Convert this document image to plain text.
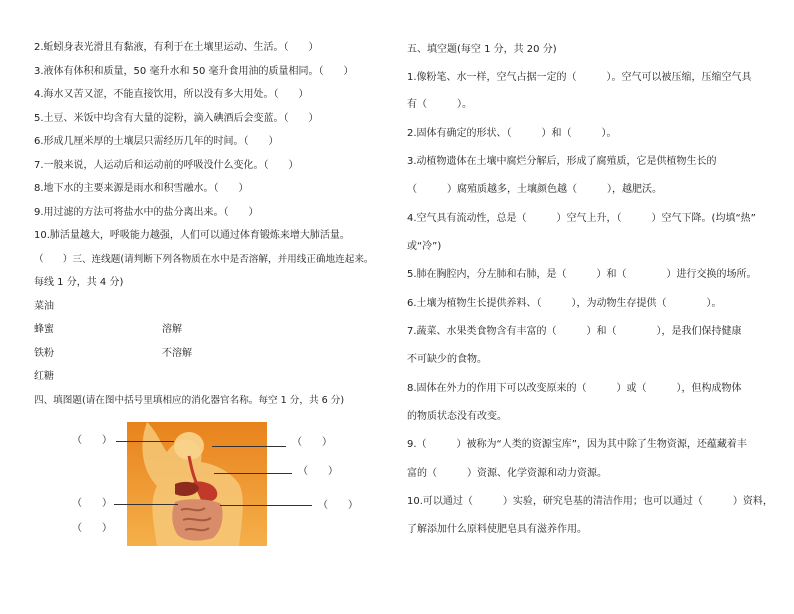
2.蚯蚓身表光滑且有黏液，有利于在土壤里运动、生活。（　　）
3.液体有体积和质量，50 毫升水和 50 毫升食用油的质量相同。（　　）
4.海水又苦又涩，不能直接饮用，所以没有多大用处。（　　）
5.土豆、米饭中均含有大量的淀粉，滴入碘酒后会变蓝。（　　）
6.形成几厘米厚的土壤层只需经历几年的时间。（　　）
7.一般来说，人运动后和运动前的呼吸没什么变化。（　　）
8.地下水的主要来源是雨水和积雪融水。（　　）
9.用过滤的方法可将盐水中的盐分离出来。（　　）
10.肺活量越大，呼吸能力越强，人们可以通过体育锻炼来增大肺活量。
（　　）三、连线题(请判断下列各物质在水中是否溶解，并用线正确地连起来。
每线 1 分，共 4 分)
菜油
蜂蜜	溶解
铁粉	不溶解
红糖
四、填图题(请在图中括号里填相应的消化器官名称。每空 1 分，共 6 分)
（　　）
（　　）
（　　）
（　　）
（　　）
（　　）
五、填空题(每空 1 分，共 20 分)
1.像粉笔、水一样，空气占据一定的（　　　）。空气可以被压缩，压缩空气具
有（　　　）。
2.固体有确定的形状、（　　　）和（　　　）。
3.动植物遗体在土壤中腐烂分解后，形成了腐殖质，它是供植物生长的
（　　　）腐殖质越多，土壤颜色越（　　　），越肥沃。
4.空气具有流动性，总是（　　　）空气上升，（　　　）空气下降。(均填“热”
或“冷”)
5.肺在胸腔内，分左肺和右肺，是（　　　）和（　　　　）进行交换的场所。
6.土壤为植物生长提供养料、（　　　），为动物生存提供（　　　　）。
7.蔬菜、水果类食物含有丰富的（　　　）和（　　　　），是我们保持健康
不可缺少的食物。
8.固体在外力的作用下可以改变原来的（　　　）或（　　　），但构成物体
的物质状态没有改变。
9.（　　　）被称为“人类的资源宝库”，因为其中除了生物资源，还蕴藏着丰
富的（　　　）资源、化学资源和动力资源。
10.可以通过（　　　）实验，研究皂基的清洁作用；也可以通过（　　　）资料，
了解添加什么原料使肥皂具有滋养作用。
